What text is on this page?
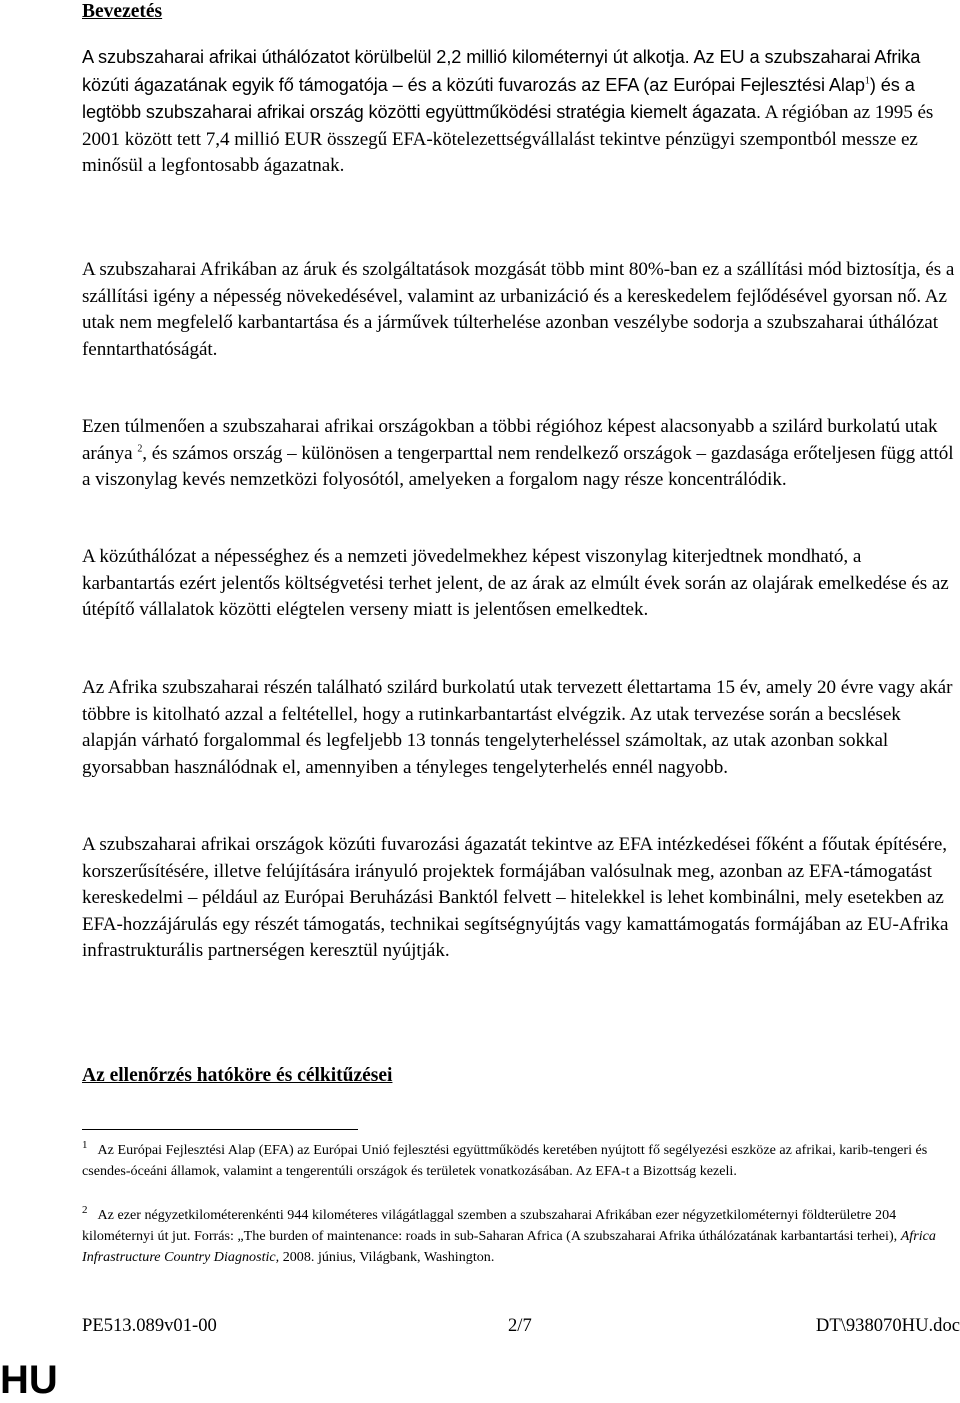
Bevezetés

A szubszaharai afrikai úthálózatot körülbelül 2,2 millió kilométernyi út alkotja. Az EU a szubszaharai Afrika közúti ágazatának egyik fő támogatója – és a közúti fuvarozás az EFA (az Európai Fejlesztési Alap$^1$) és a legtöbb szubszaharai afrikai ország közötti együttműködési stratégia kiemelt ágazata. A régióban az 1995 és 2001 között tett 7,4 millió EUR összegű EFA-kötelezettségvállalást tekintve pénzügyi szempontból messze ez minősül a legfontosabb ágazatnak.

A szubszaharai Afrikában az áruk és szolgáltatások mozgását több mint 80%-ban ez a szállítási mód biztosítja, és a szállítási igény a népesség növekedésével, valamint az urbanizáció és a kereskedelem fejlődésével gyorsan nő. Az utak nem megfelelő karbantartása és a járművek túlterhelése azonban veszélybe sodorja a szubszaharai úthálózat fenntarthatóságát.

Ezen túlmenően a szubszaharai afrikai országokban a többi régióhoz képest alacsonyabb a szilárd burkolatú utak aránya $^2$, és számos ország – különösen a tengerparttal nem rendelkező országok – gazdasága erőteljesen függ attól a viszonylag kevés nemzetközi folyosótól, amelyeken a forgalom nagy része koncentrálódik.

A közúthálózat a népességhez és a nemzeti jövedelmekhez képest viszonylag kiterjedtnek mondható, a karbantartás ezért jelentős költségvetési terhet jelent, de az árak az elmúlt évek során az olajárak emelkedése és az útépítő vállalatok közötti elégtelen verseny miatt is jelentősen emelkedtek.

Az Afrika szubszaharai részén található szilárd burkolatú utak tervezett élettartama 15 év, amely 20 évre vagy akár többre is kitolható azzal a feltétellel, hogy a rutinkarbantartást elvégzik. Az utak tervezése során a becslések alapján várható forgalommal és legfeljebb 13 tonnás tengelyterheléssel számoltak, az utak azonban sokkal gyorsabban használódnak el, amennyiben a tényleges tengelyterhelés ennél nagyobb.

A szubszaharai afrikai országok közúti fuvarozási ágazatát tekintve az EFA intézkedései főként a főutak építésére, korszerűsítésére, illetve felújítására irányuló projektek formájában valósulnak meg, azonban az EFA-támogatást kereskedelmi – például az Európai Beruházási Banktól felvett – hitelekkel is lehet kombinálni, mely esetekben az EFA-hozzájárulás egy részét támogatás, technikai segítségnyújtás vagy kamattámogatás formájában az EU-Afrika infrastrukturális partnerségen keresztül nyújtják.

Az ellenőrzés hatóköre és célkitűzései

$^1$ Az Európai Fejlesztési Alap (EFA) az Európai Unió fejlesztési együttműködés keretében nyújtott fő segélyezési eszköze az afrikai, karib-tengeri és csendes-óceáni államok, valamint a tengerentúli országok és területek vonatkozásában. Az EFA-t a Bizottság kezeli.

$^2$ Az ezer négyzetkilométerenkénti 944 kilométeres világátlaggal szemben a szubszaharai Afrikában ezer négyzetkilométernyi földterületre 204 kilométernyi út jut. Forrás: „The burden of maintenance: roads in sub-Saharan Africa (A szubszaharai Afrika úthálózatának karbantartási terhei), Africa Infrastructure Country Diagnostic, 2008. június, Világbank, Washington.

PE513.089v01-00	2/7	DT\938070HU.doc
HU
